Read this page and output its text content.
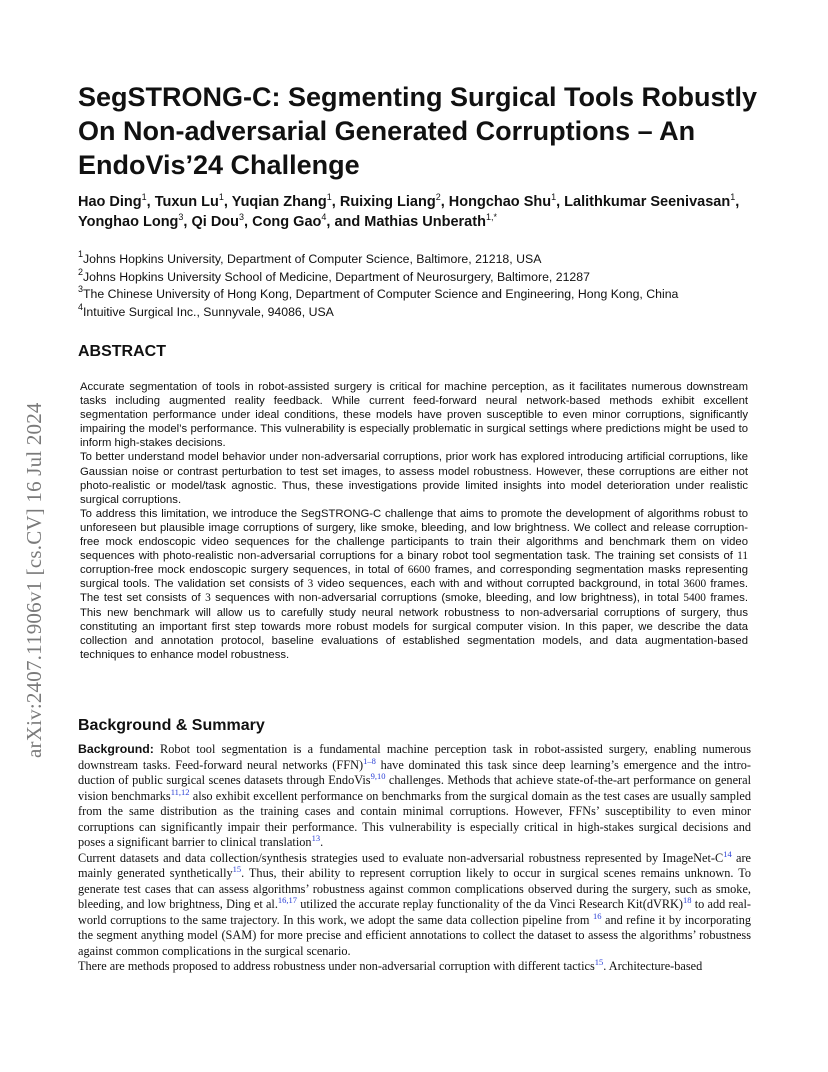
arXiv:2407.11906v1 [cs.CV] 16 Jul 2024
SegSTRONG-C: Segmenting Surgical Tools Robustly On Non-adversarial Generated Corruptions – An EndoVis’24 Challenge
Hao Ding$^1$, Tuxun Lu$^1$, Yuqian Zhang$^1$, Ruixing Liang$^2$, Hongchao Shu$^1$, Lalithkumar Seenivasan$^1$, Yonghao Long$^3$, Qi Dou$^3$, Cong Gao$^4$, and Mathias Unberath$^{1,*}$
$^1$Johns Hopkins University, Department of Computer Science, Baltimore, 21218, USA
$^2$Johns Hopkins University School of Medicine, Department of Neurosurgery, Baltimore, 21287
$^3$The Chinese University of Hong Kong, Department of Computer Science and Engineering, Hong Kong, China
$^4$Intuitive Surgical Inc., Sunnyvale, 94086, USA
ABSTRACT

Accurate segmentation of tools in robot-assisted surgery is critical for machine perception, as it facilitates numerous downstream tasks including augmented reality feedback. While current feed-forward neural network-based methods exhibit excellent segmentation performance under ideal conditions, these models have proven susceptible to even minor corruptions, significantly impairing the model’s performance. This vulnerability is especially problematic in surgical settings where predictions might be used to inform high-stakes decisions.

To better understand model behavior under non-adversarial corruptions, prior work has explored introducing artificial corruptions, like Gaussian noise or contrast perturbation to test set images, to assess model robustness. However, these corruptions are either not photo-realistic or model/task agnostic. Thus, these investigations provide limited insights into model deterioration under realistic surgical corruptions.

To address this limitation, we introduce the SegSTRONG-C challenge that aims to promote the development of algorithms robust to unforeseen but plausible image corruptions of surgery, like smoke, bleeding, and low brightness. We collect and release corruption-free mock endoscopic video sequences for the challenge participants to train their algorithms and benchmark them on video sequences with photo-realistic non-adversarial corruptions for a binary robot tool segmentation task. The training set consists of 11 corruption-free mock endoscopic surgery sequences, in total of 6600 frames, and corresponding segmentation masks representing surgical tools. The validation set consists of 3 video sequences, each with and without corrupted background, in total 3600 frames. The test set consists of 3 sequences with non-adversarial corruptions (smoke, bleeding, and low brightness), in total 5400 frames. This new benchmark will allow us to carefully study neural network robustness to non-adversarial corruptions of surgery, thus constituting an important first step towards more robust models for surgical computer vision. In this paper, we describe the data collection and annotation protocol, baseline evaluations of established segmentation models, and data augmentation-based techniques to enhance model robustness.

Background & Summary

Background: Robot tool segmentation is a fundamental machine perception task in robot-assisted surgery, enabling numerous downstream tasks. Feed-forward neural networks (FFN)$^{1-8}$ have dominated this task since deep learning’s emergence and the intro-duction of public surgical scenes datasets through EndoVis$^{9,10}$ challenges. Methods that achieve state-of-the-art performance on general vision benchmarks$^{11,12}$ also exhibit excellent performance on benchmarks from the surgical domain as the test cases are usually sampled from the same distribution as the training cases and contain minimal corruptions. However, FFNs’ susceptibility to even minor corruptions can significantly impair their performance. This vulnerability is especially critical in high-stakes surgical decisions and poses a significant barrier to clinical translation$^{13}$.

Current datasets and data collection/synthesis strategies used to evaluate non-adversarial robustness represented by ImageNet-C$^{14}$ are mainly generated synthetically$^{15}$. Thus, their ability to represent corruption likely to occur in surgical scenes remains unknown. To generate test cases that can assess algorithms’ robustness against common complications observed during the surgery, such as smoke, bleeding, and low brightness, Ding et al.$^{16,17}$ utilized the accurate replay functionality of the da Vinci Research Kit(dVRK)$^{18}$ to add real-world corruptions to the same trajectory. In this work, we adopt the same data collection pipeline from $^{16}$ and refine it by incorporating the segment anything model (SAM) for more precise and efficient annotations to collect the dataset to assess the algorithms’ robustness against common complications in the surgical scenario.

There are methods proposed to address robustness under non-adversarial corruption with different tactics$^{15}$. Architecture-based
